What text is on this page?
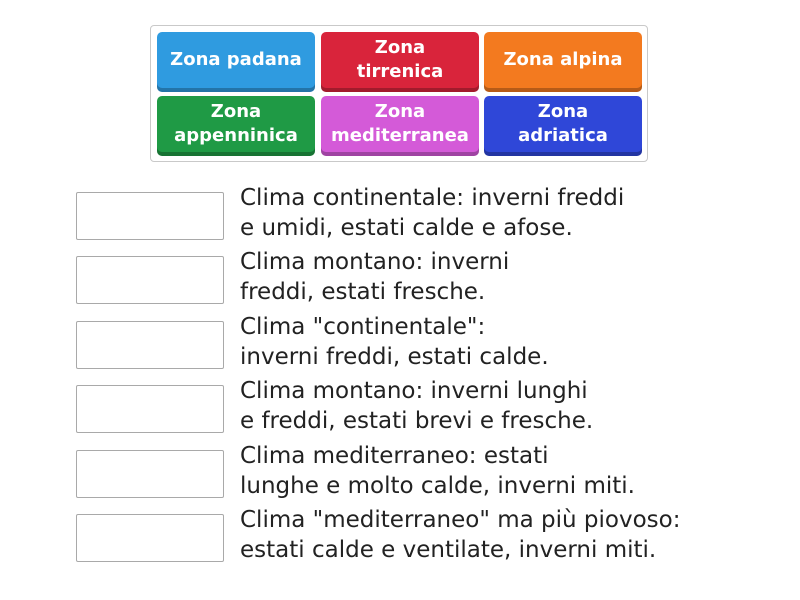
Zona padana
Zona
tirrenica
Zona alpina
Zona
appenninica
Zona
mediterranea
Zona
adriatica
Clima continentale: inverni freddi
e umidi, estati calde e afose.
Clima montano: inverni
freddi, estati fresche.
Clima "continentale":
inverni freddi, estati calde.
Clima montano: inverni lunghi
e freddi, estati brevi e fresche.
Clima mediterraneo: estati
lunghe e molto calde, inverni miti.
Clima "mediterraneo" ma più piovoso:
estati calde e ventilate, inverni miti.
